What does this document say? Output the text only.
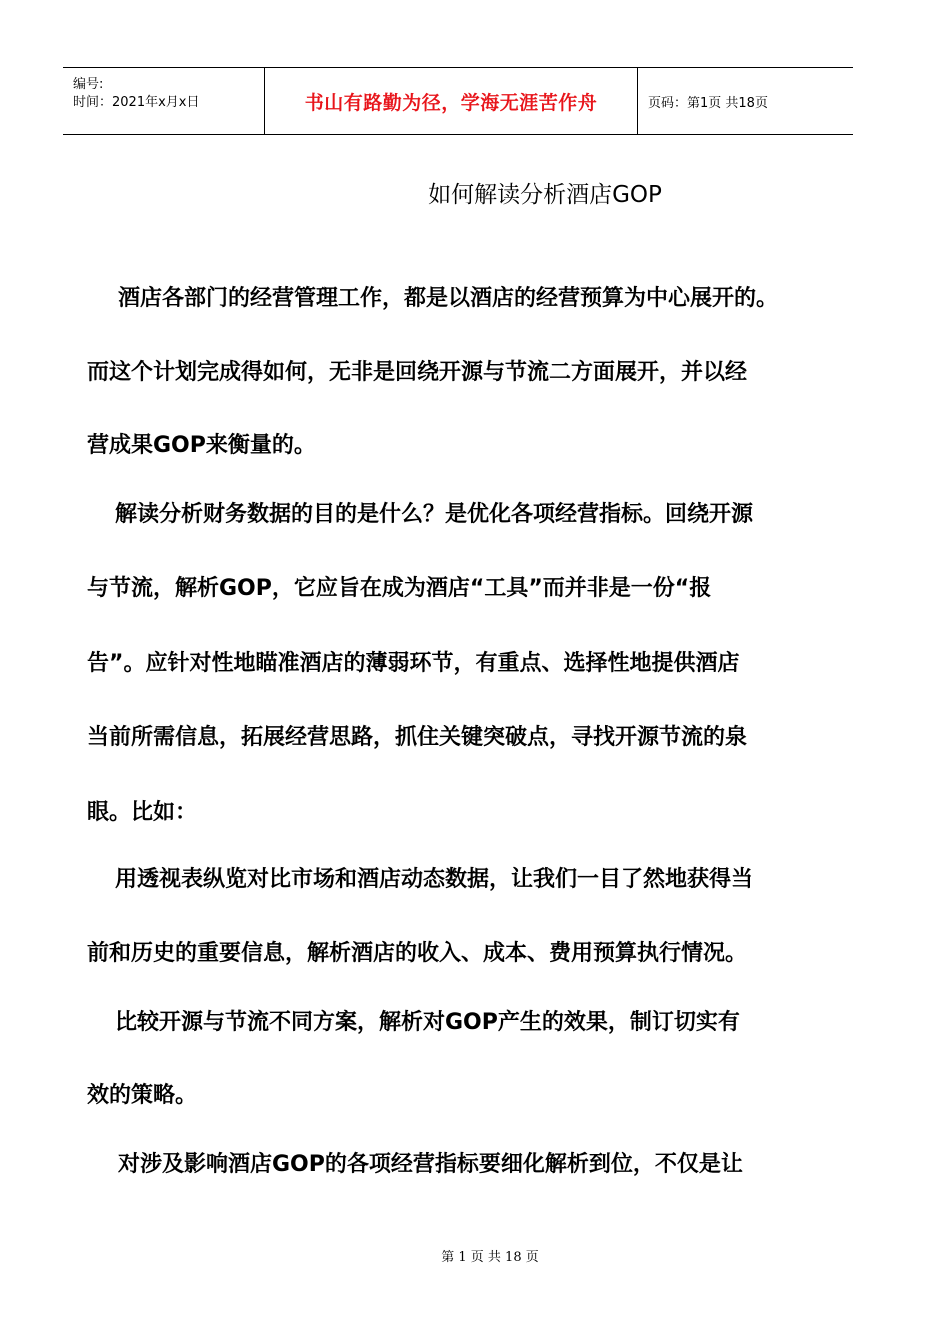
编号:
时间：2021年x月x日	书山有路勤为径，学海无涯苦作舟	页码：第1页 共18页
如何解读分析酒店GOP
酒店各部门的经营管理工作，都是以酒店的经营预算为中心展开的。
而这个计划完成得如何，无非是回绕开源与节流二方面展开，并以经
营成果GOP来衡量的。
解读分析财务数据的目的是什么？是优化各项经营指标。回绕开源
与节流，解析GOP，它应旨在成为酒店“工具”而并非是一份“报
告”。应针对性地瞄准酒店的薄弱环节，有重点、选择性地提供酒店
当前所需信息，拓展经营思路，抓住关键突破点，寻找开源节流的泉
眼。比如：
用透视表纵览对比市场和酒店动态数据，让我们一目了然地获得当
前和历史的重要信息，解析酒店的收入、成本、费用预算执行情况。
比较开源与节流不同方案，解析对GOP产生的效果，制订切实有
效的策略。
对涉及影响酒店GOP的各项经营指标要细化解析到位，不仅是让
第 1 页 共 18 页
